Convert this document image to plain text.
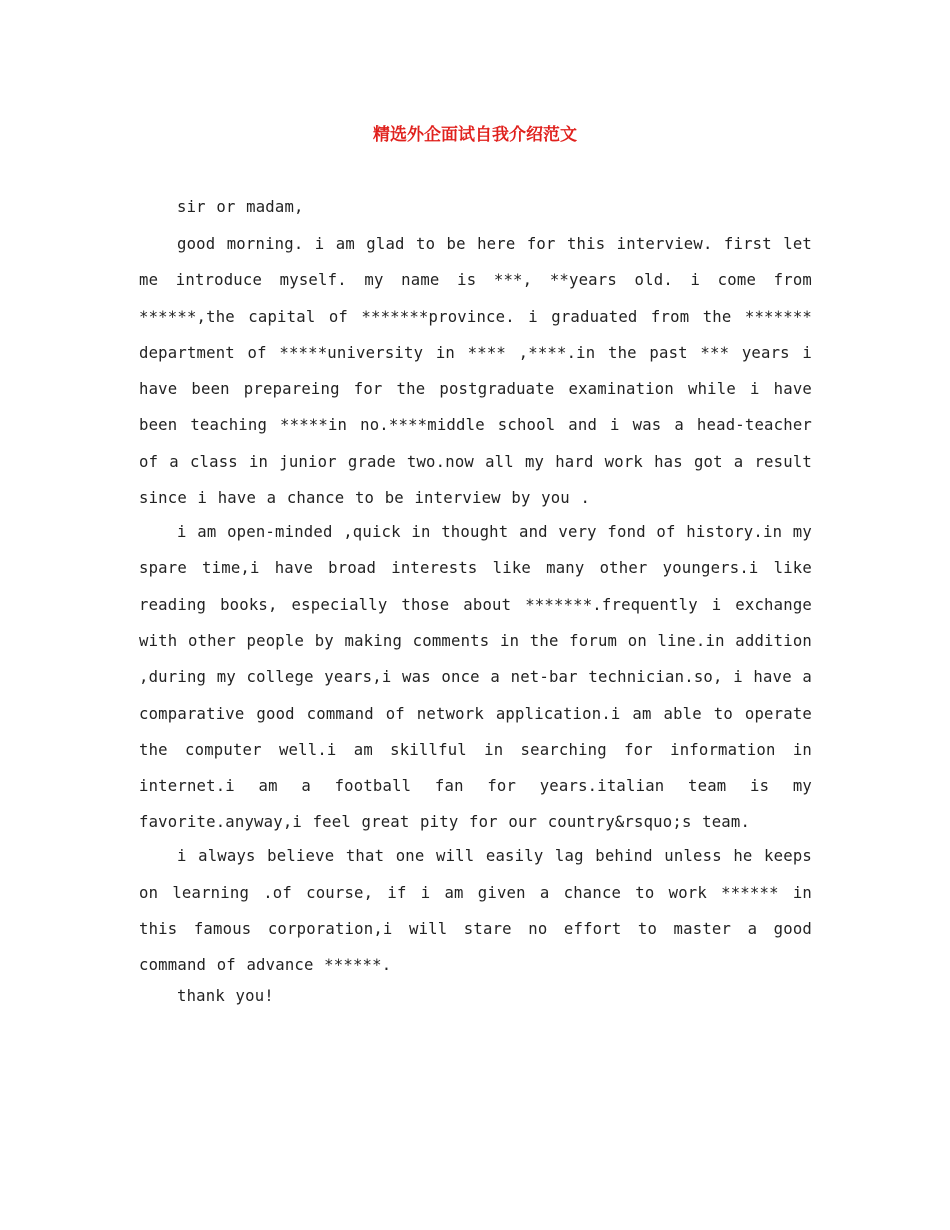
精选外企面试自我介绍范文

sir or madam,

good morning. i am glad to be here for this interview. first let me introduce myself. my name is ***, **years old. i come from ******,the capital of *******province. i graduated from the ******* department of *****university in **** ,****.in the past *** years i have been prepareing for the postgraduate examination while i have been teaching *****in no.****middle school and i was a head-teacher of a class in junior grade two.now all my hard work has got a result since i have a chance to be interview by you .

i am open-minded ,quick in thought and very fond of history.in my spare time,i have broad interests like many other youngers.i like reading books, especially those about *******.frequently i exchange with other people by making comments in the forum on line.in addition ,during my college years,i was once a net-bar technician.so, i have a comparative good command of network application.i am able to operate the computer well.i am skillful in searching for information in internet.i am a football fan for years.italian team is my favorite.anyway,i feel great pity for our country&rsquo;s team.

i always believe that one will easily lag behind unless he keeps on learning .of course, if i am given a chance to work ****** in this famous corporation,i will stare no effort to master a good command of advance ******.

thank you!
